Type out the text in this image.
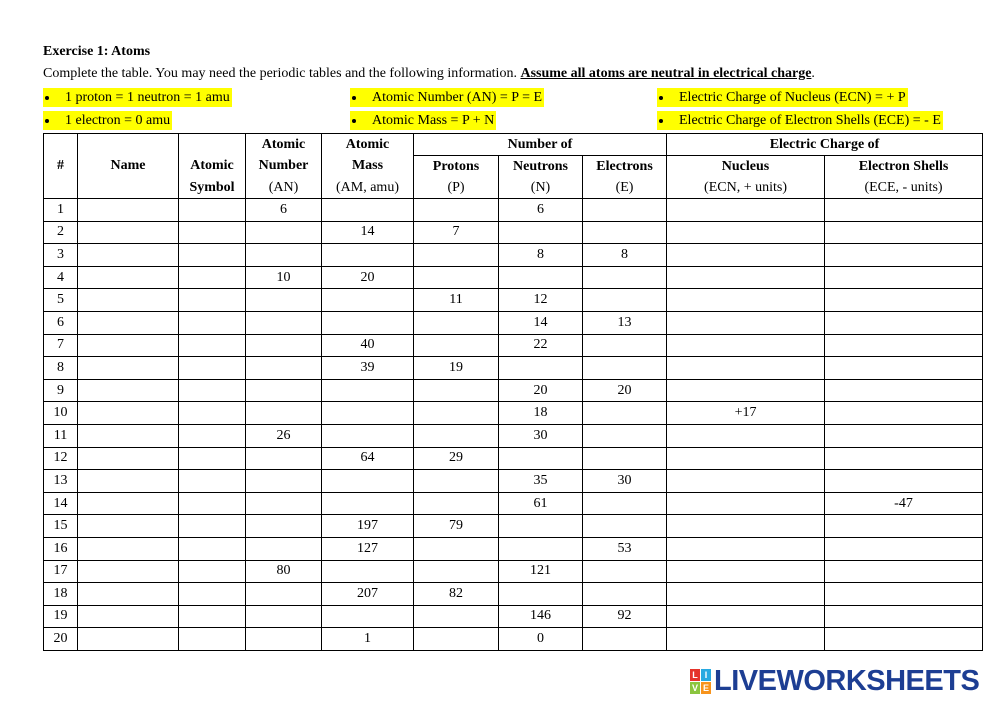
Exercise 1: Atoms
Complete the table. You may need the periodic tables and the following information. Assume all atoms are neutral in electrical charge.
1 proton = 1 neutron = 1 amu	Atomic Number (AN) = P = E	Electric Charge of Nucleus (ECN) = + P
1 electron = 0 amu	Atomic Mass = P + N	Electric Charge of Electron Shells (ECE) = - E
			Atomic	Atomic	Number of			Electric Charge of	
#	Name	Atomic	Number	Mass	Protons	Neutrons	Electrons	Nucleus	Electron Shells
		Symbol	(AN)	(AM, amu)	(P)	(N)	(E)	(ECN, + units)	(ECE, - units)
1			6			6			
2				14	7				
3						8	8		
4			10	20					
5					11	12			
6						14	13		
7				40		22			
8				39	19				
9						20	20		
10						18		+17	
11			26			30			
12				64	29				
13						35	30		
14						61			-47
15				197	79				
16				127			53		
17			80			121			
18				207	82				
19						146	92		
20				1		0			
L I
V E LIVEWORKSHEETS
